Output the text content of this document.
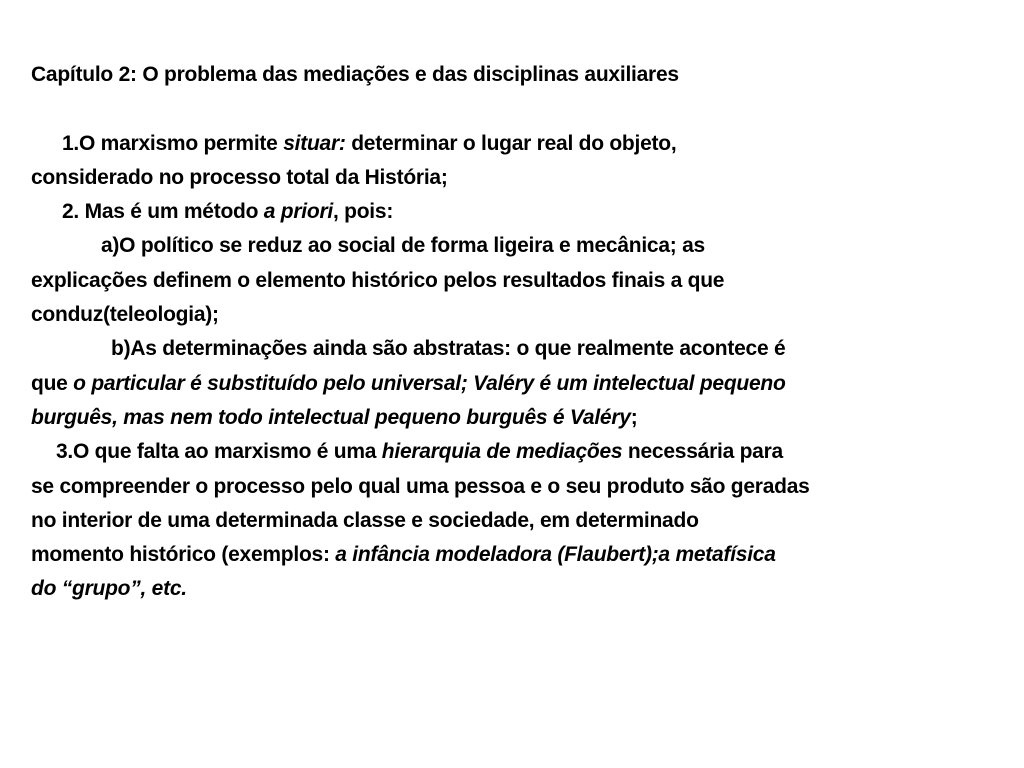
Capítulo 2: O problema das mediações e das disciplinas auxiliares

1.O marxismo permite situar: determinar o lugar real do objeto,

considerado no processo total da História;

2. Mas é um método a priori, pois:

a)O político se reduz ao social de forma ligeira e mecânica; as

explicações definem o elemento histórico pelos resultados finais a que

conduz(teleologia);

b)As determinações ainda são abstratas: o que realmente acontece é

que o particular é substituído pelo universal; Valéry é um intelectual pequeno

burguês, mas nem todo intelectual pequeno burguês é Valéry;

3.O que falta ao marxismo é uma hierarquia de mediações necessária para

se compreender o processo pelo qual uma pessoa e o seu produto são geradas

no interior de uma determinada classe e sociedade, em determinado

momento histórico (exemplos: a infância modeladora (Flaubert);a metafísica

do “grupo”, etc.
